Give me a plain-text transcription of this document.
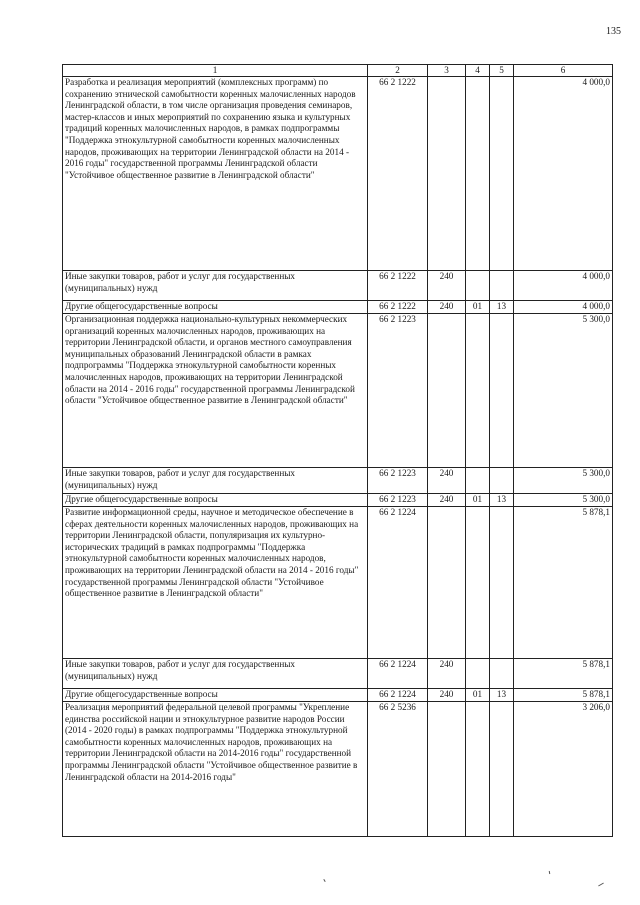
135
1	2	3	4	5	6
Разработка и реализация мероприятий (комплексных программ) по сохранению этнической самобытности коренных малочисленных народов Ленинградской области, в том числе организация проведения семинаров, мастер-классов и иных мероприятий по сохранению языка и культурных традиций коренных малочисленных народов, в рамках подпрограммы "Поддержка этнокультурной самобытности коренных малочисленных народов, проживающих на территории Ленинградской области на 2014 - 2016 годы" государственной программы Ленинградской области "Устойчивое общественное развитие в Ленинградской области"	66 2 1222				4 000,0
Иные закупки товаров, работ и услуг для государственных (муниципальных) нужд	66 2 1222	240			4 000,0
Другие общегосударственные вопросы	66 2 1222	240	01	13	4 000,0
Организационная поддержка национально-культурных некоммерческих организаций коренных малочисленных народов, проживающих на территории Ленинградской области, и органов местного самоуправления муниципальных образований Ленинградской области в рамках подпрограммы "Поддержка этнокультурной самобытности коренных малочисленных народов, проживающих на территории Ленинградской области на 2014 - 2016 годы" государственной программы Ленинградской области "Устойчивое общественное развитие в Ленинградской области"	66 2 1223				5 300,0
Иные закупки товаров, работ и услуг для государственных (муниципальных) нужд	66 2 1223	240			5 300,0
Другие общегосударственные вопросы	66 2 1223	240	01	13	5 300,0
Развитие информационной среды, научное и методическое обеспечение в сферах деятельности коренных малочисленных народов, проживающих на территории Ленинградской области, популяризация их культурно-исторических традиций в рамках подпрограммы "Поддержка этнокультурной самобытности коренных малочисленных народов, проживающих на территории Ленинградской области на 2014 - 2016 годы" государственной программы Ленинградской области "Устойчивое общественное развитие в Ленинградской области"	66 2 1224				5 878,1
Иные закупки товаров, работ и услуг для государственных (муниципальных) нужд	66 2 1224	240			5 878,1
Другие общегосударственные вопросы	66 2 1224	240	01	13	5 878,1
Реализация мероприятий федеральной целевой программы "Укрепление единства российской нации и этнокультурное развитие народов России (2014 - 2020 годы) в рамках подпрограммы "Поддержка этнокультурной самобытности коренных малочисленных народов, проживающих на территории Ленинградской области на 2014-2016 годы" государственной программы Ленинградской области "Устойчивое общественное развитие в Ленинградской области на 2014-2016 годы"	66 2 5236				3 206,0
